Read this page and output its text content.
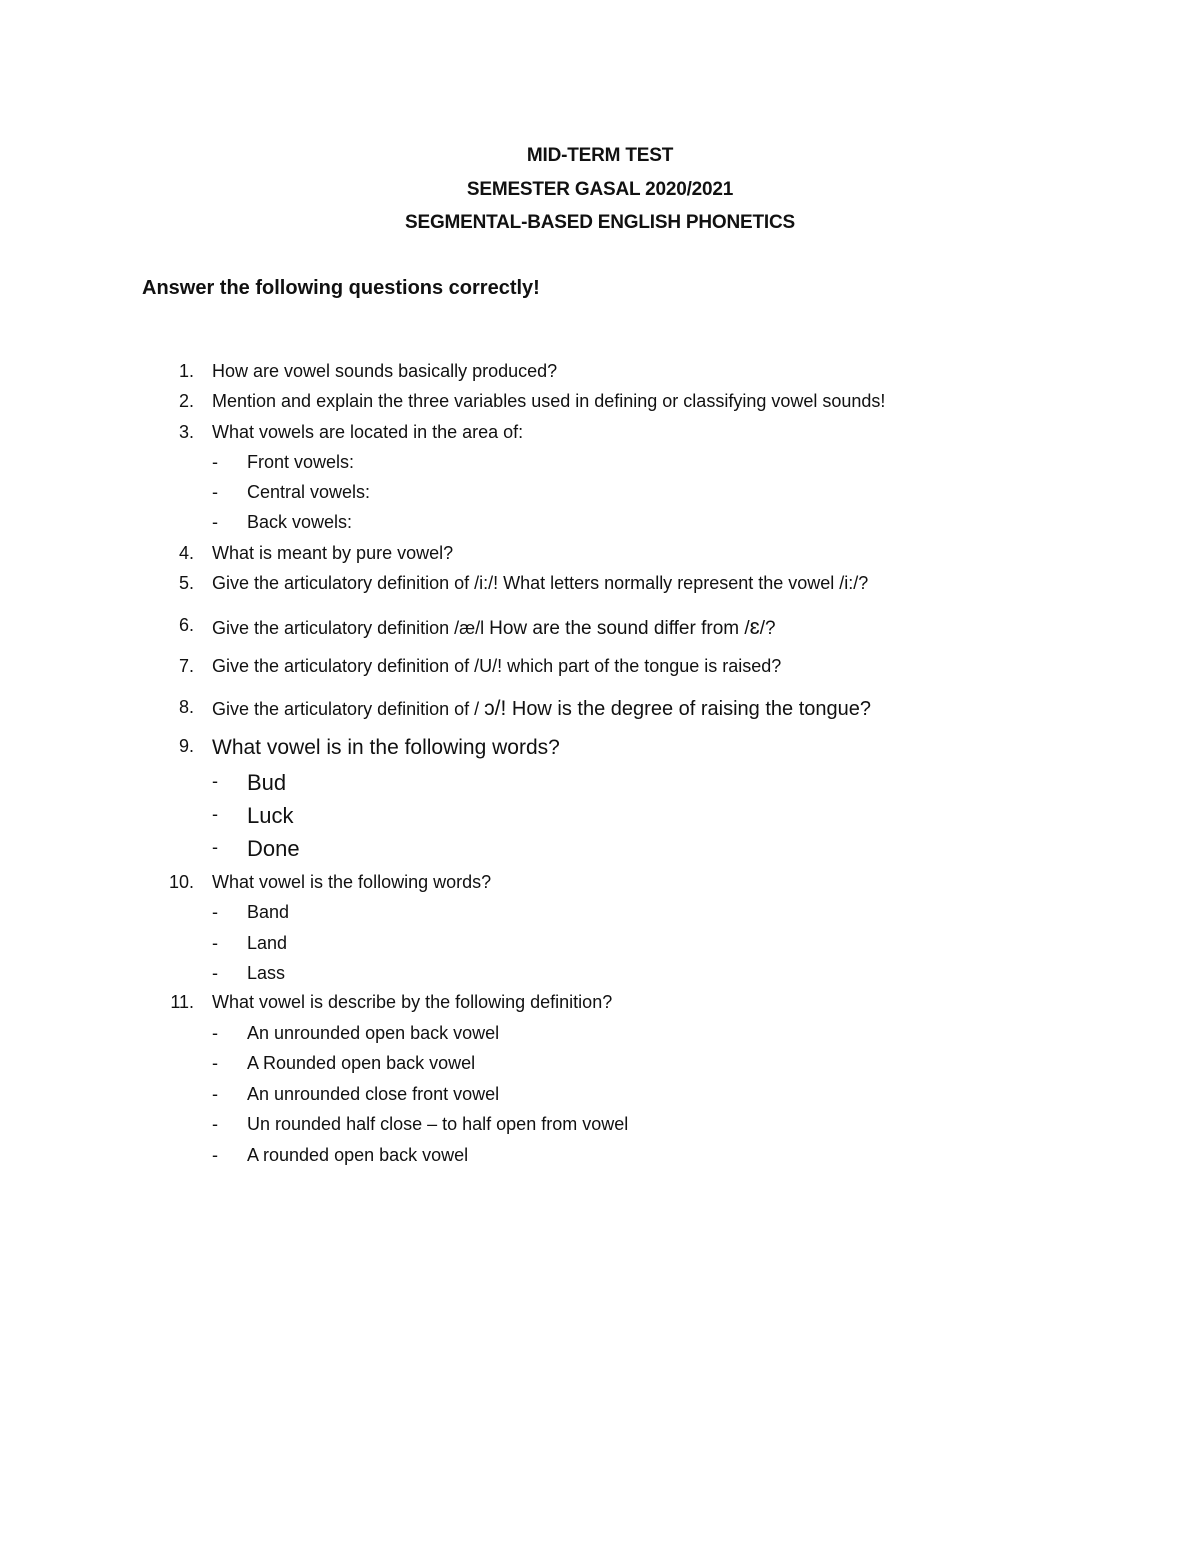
MID-TERM TEST
SEMESTER GASAL 2020/2021
SEGMENTAL-BASED ENGLISH PHONETICS
Answer the following questions correctly!
1. How are vowel sounds basically produced?
2. Mention and explain the three variables used in defining or classifying vowel sounds!
3. What vowels are located in the area of:
- Front vowels:
- Central vowels:
- Back vowels:
4. What is meant by pure vowel?
5. Give the articulatory definition of /i:/! What letters normally represent the vowel /i:/?
6. Give the articulatory definition /æ/l How are the sound differ from /ɛ/?
7. Give the articulatory definition of /U/! which part of the tongue is raised?
8. Give the articulatory definition of / ɔ/! How is the degree of raising the tongue?
9. What vowel is in the following words?
- Bud
- Luck
- Done
10. What vowel is the following words?
- Band
- Land
- Lass
11. What vowel is describe by the following definition?
- An unrounded open back vowel
- A Rounded open back vowel
- An unrounded close front vowel
- Un rounded half close – to half open from vowel
- A rounded open back vowel
